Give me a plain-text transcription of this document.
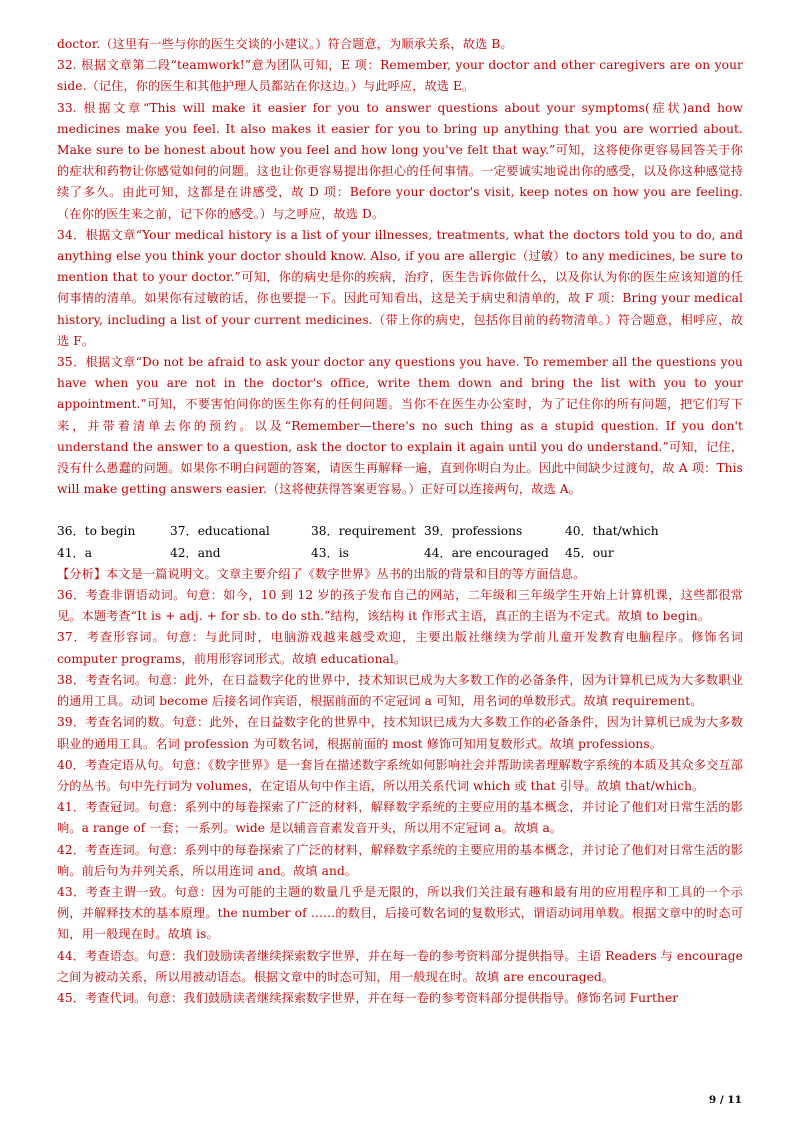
doctor.（这里有一些与你的医生交谈的小建议。）符合题意，为顺承关系，故选 B。

32. 根据文章第二段“teamwork!”意为团队可知，E 项：Remember, your doctor and other caregivers are on your side.（记住，你的医生和其他护理人员都站在你这边。）与此呼应，故选 E。

33. 根据文章“This will make it easier for you to answer questions about your symptoms(症状)and how medicines make you feel. It also makes it easier for you to bring up anything that you are worried about. Make sure to be honest about how you feel and how long you've felt that way.”可知，这将使你更容易回答关于你的症状和药物让你感觉如何的问题。这也让你更容易提出你担心的任何事情。一定要诚实地说出你的感受，以及你这种感觉持续了多久。由此可知，这都是在讲感受，故 D 项：Before your doctor's visit, keep notes on how you are feeling.（在你的医生来之前，记下你的感受。）与之呼应，故选 D。

34．根据文章“Your medical history is a list of your illnesses, treatments, what the doctors told you to do, and anything else you think your doctor should know. Also, if you are allergic（过敏）to any medicines, be sure to mention that to your doctor.”可知，你的病史是你的疾病，治疗，医生告诉你做什么，以及你认为你的医生应该知道的任何事情的清单。如果你有过敏的话，你也要提一下。因此可知看出，这是关于病史和清单的，故 F 项：Bring your medical history, including a list of your current medicines.（带上你的病史，包括你目前的药物清单。）符合题意，相呼应，故选 F。

35．根据文章“Do not be afraid to ask your doctor any questions you have. To remember all the questions you have when you are not in the doctor's office, write them down and bring the list with you to your appointment.”可知，不要害怕问你的医生你有的任何问题。当你不在医生办公室时，为了记住你的所有问题，把它们写下来，并带着清单去你的预约。以及“Remember—there's no such thing as a stupid question. If you don't understand the answer to a question, ask the doctor to explain it again until you do understand.”可知，记住，没有什么愚蠢的问题。如果你不明白问题的答案，请医生再解释一遍，直到你明白为止。因此中间缺少过渡句，故 A 项：This will make getting answers easier.（这将使获得答案更容易。）正好可以连接两句，故选 A。

36．to begin	37．educational	38．requirement 39．professions	40．that/which
41．a	42．and	43．is	44．are encouraged	45．our

【分析】本文是一篇说明文。文章主要介绍了《数字世界》丛书的出版的背景和目的等方面信息。

36．考查非谓语动词。句意：如今，10 到 12 岁的孩子发布自己的网站，二年级和三年级学生开始上计算机课，这些都很常见。本题考查“It is + adj. + for sb. to do sth.”结构，该结构 it 作形式主语，真正的主语为不定式。故填 to begin。

37．考查形容词。句意：与此同时，电脑游戏越来越受欢迎，主要出版社继续为学前儿童开发教育电脑程序。修饰名词 computer programs，前用形容词形式。故填 educational。

38．考查名词。句意：此外，在日益数字化的世界中，技术知识已成为大多数工作的必备条件，因为计算机已成为大多数职业的通用工具。动词 become 后接名词作宾语，根据前面的不定冠词 a 可知，用名词的单数形式。故填 requirement。

39．考查名词的数。句意：此外，在日益数字化的世界中，技术知识已成为大多数工作的必备条件，因为计算机已成为大多数职业的通用工具。名词 profession 为可数名词，根据前面的 most 修饰可知用复数形式。故填 professions。

40．考查定语从句。句意：《数字世界》是一套旨在描述数字系统如何影响社会并帮助读者理解数字系统的本质及其众多交互部分的丛书。句中先行词为 volumes，在定语从句中作主语，所以用关系代词 which 或 that 引导。故填 that/which。

41．考查冠词。句意：系列中的每卷探索了广泛的材料，解释数字系统的主要应用的基本概念，并讨论了他们对日常生活的影响。a range of 一套；一系列。wide 是以辅音音素发音开头，所以用不定冠词 a。故填 a。

42．考查连词。句意：系列中的每卷探索了广泛的材料，解释数字系统的主要应用的基本概念，并讨论了他们对日常生活的影响。前后句为并列关系，所以用连词 and。故填 and。

43．考查主谓一致。句意：因为可能的主题的数量几乎是无限的，所以我们关注最有趣和最有用的应用程序和工具的一个示例，并解释技术的基本原理。the number of ……的数目，后接可数名词的复数形式，谓语动词用单数。根据文章中的时态可知，用一般现在时。故填 is。

44．考查语态。句意：我们鼓励读者继续探索数字世界，并在每一卷的参考资料部分提供指导。主语 Readers 与 encourage 之间为被动关系，所以用被动语态。根据文章中的时态可知，用一般现在时。故填 are encouraged。

45．考查代词。句意：我们鼓励读者继续探索数字世界，并在每一卷的参考资料部分提供指导。修饰名词 Further

9 / 11
